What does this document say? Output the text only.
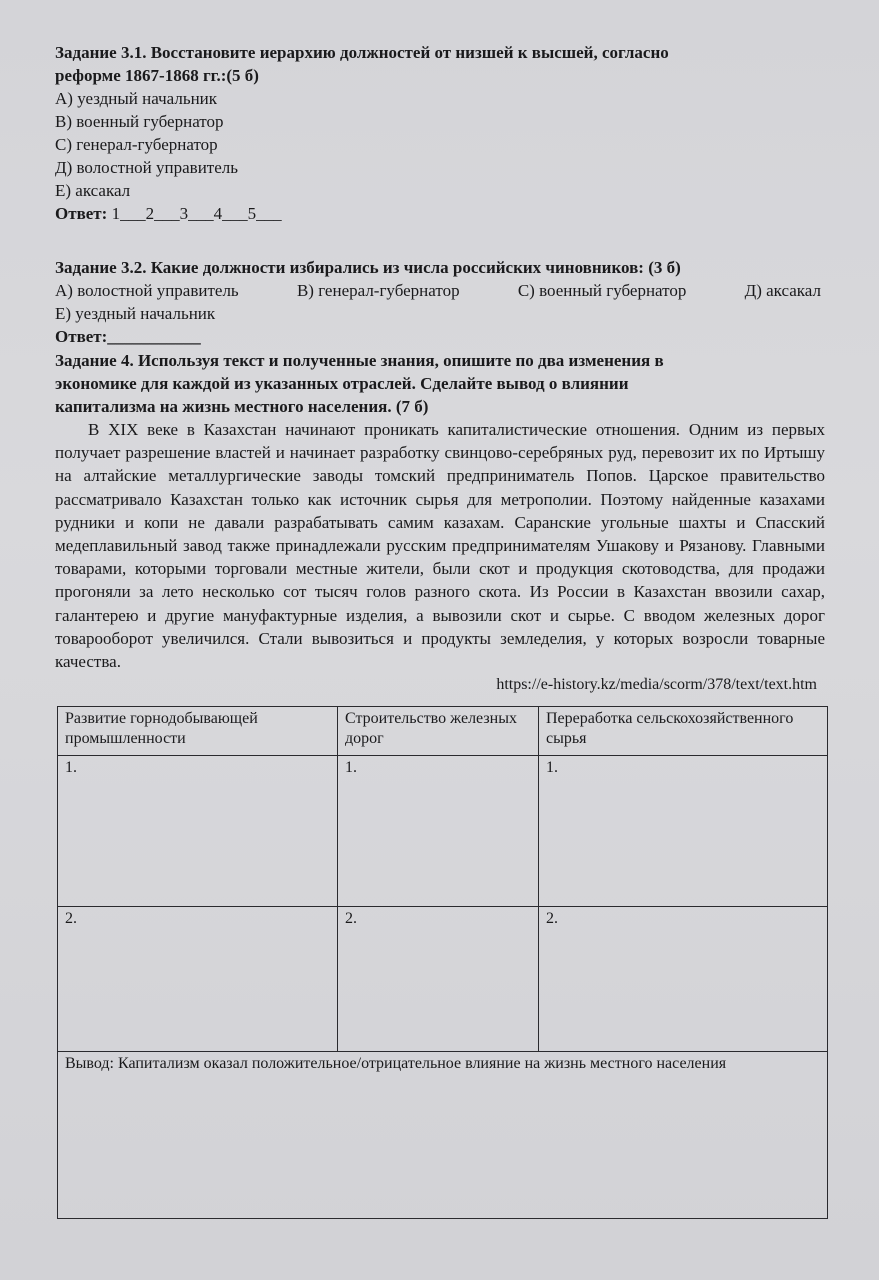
Задание 3.1. Восстановите иерархию должностей от низшей к высшей, согласно
реформе 1867-1868 гг.:(5 б)
А) уездный начальник
В) военный губернатор
С) генерал-губернатор
Д) волостной управитель
Е) аксакал
Ответ: 1___2___3___4___5___
Задание 3.2. Какие должности избирались из числа российских чиновников: (3 б)
А) волостной управитель	В) генерал-губернатор	С) военный губернатор	Д) аксакал
Е) уездный начальник
Ответ:___________
Задание 4. Используя текст и полученные знания, опишите по два изменения в
экономике для каждой из указанных отраслей. Сделайте вывод о влиянии
капитализма на жизнь местного населения. (7 б)

В XIX веке в Казахстан начинают проникать капиталистические отношения. Одним из первых получает разрешение властей и начинает разработку свинцово-серебряных руд, перевозит их по Иртышу на алтайские металлургические заводы томский предприниматель Попов. Царское правительство рассматривало Казахстан только как источник сырья для метрополии. Поэтому найденные казахами рудники и копи не давали разрабатывать самим казахам. Саранские угольные шахты и Спасский медеплавильный завод также принадлежали русским предпринимателям Ушакову и Рязанову. Главными товарами, которыми торговали местные жители, были скот и продукция скотоводства, для продажи прогоняли за лето несколько сот тысяч голов разного скота. Из России в Казахстан ввозили сахар, галантерею и другие мануфактурные изделия, а вывозили скот и сырье. С вводом железных дорог товарооборот увеличился. Стали вывозиться и продукты земледелия, у которых возросли товарные качества.

https://e-history.kz/media/scorm/378/text/text.htm
Развитие горнодобывающей промышленности	Строительство железных дорог	Переработка сельскохозяйственного сырья
1.	1.	1.
2.	2.	2.
Вывод: Капитализм оказал положительное/отрицательное влияние на жизнь местного населения		
